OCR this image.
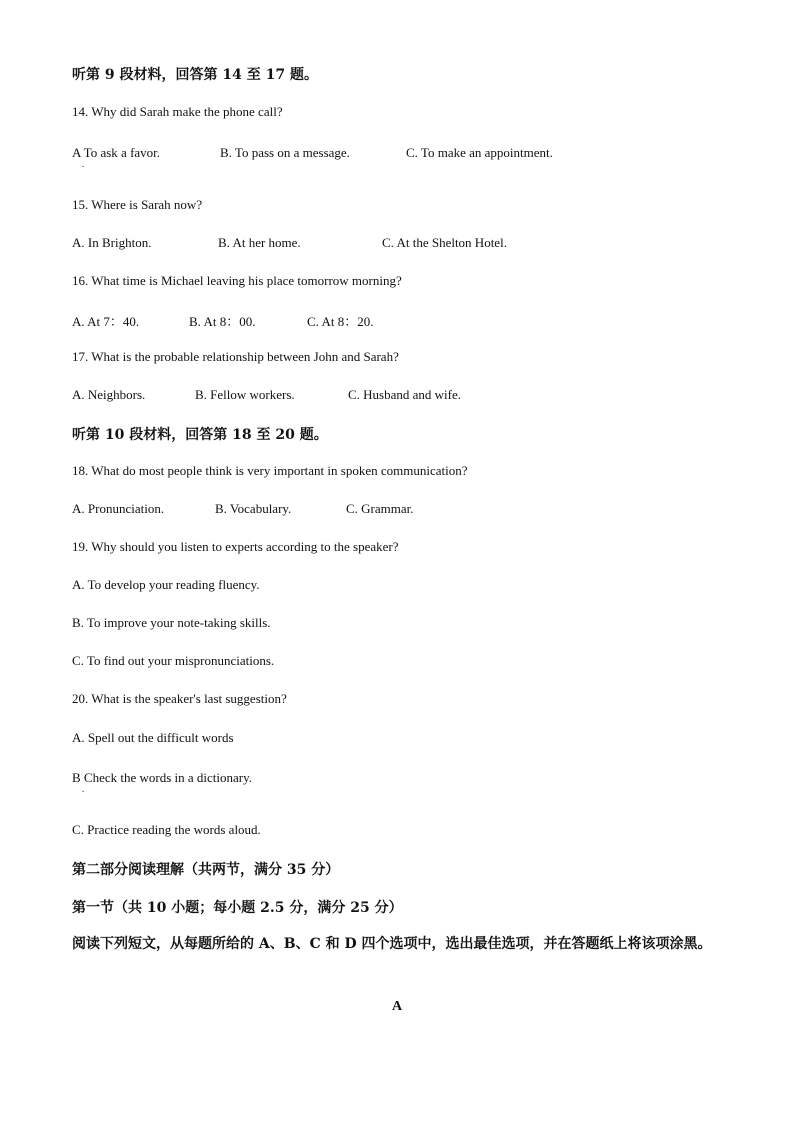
听第 9 段材料，回答第 14 至 17 题。
14. Why did Sarah make the phone call?
A To ask a favor.	B. To pass on a message.	C. To make an appointment.
.
15. Where is Sarah now?
A. In Brighton.	B. At her home.	C. At the Shelton Hotel.
16. What time is Michael leaving his place tomorrow morning?
A. At 7：40.	B. At 8：00.	C. At 8：20.
17. What is the probable relationship between John and Sarah?
A. Neighbors.	B. Fellow workers.	C. Husband and wife.
听第 10 段材料，回答第 18 至 20 题。
18. What do most people think is very important in spoken communication?
A. Pronunciation.	B. Vocabulary.	C. Grammar.
19. Why should you listen to experts according to the speaker?
A. To develop your reading fluency.
B. To improve your note-taking skills.
C. To find out your mispronunciations.
20. What is the speaker's last suggestion?
A. Spell out the difficult words
B Check the words in a dictionary.
.
C. Practice reading the words aloud.
第二部分阅读理解（共两节，满分 35 分）
第一节（共 10 小题；每小题 2.5 分，满分 25 分）
阅读下列短文，从每题所给的 A、B、C 和 D 四个选项中，选出最佳选项，并在答题纸上将该项涂黑。
A
